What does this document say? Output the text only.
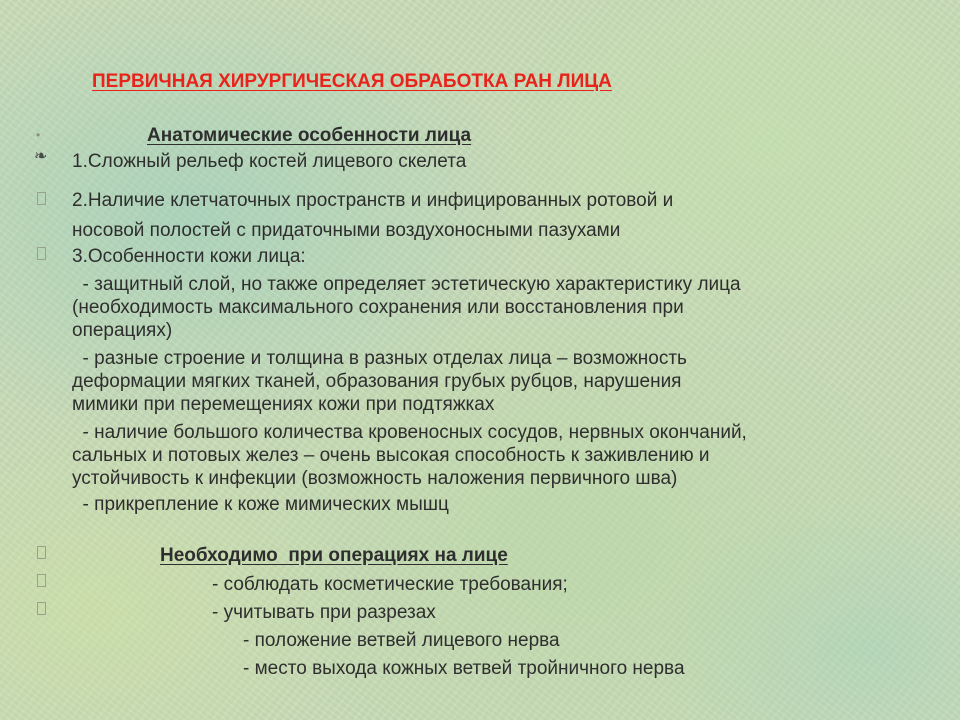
ПЕРВИЧНАЯ ХИРУРГИЧЕСКАЯ ОБРАБОТКА РАН ЛИЦА
•	Анатомические особенности лица
❧ 1.Сложный рельеф костей лицевого скелета
2.Наличие клетчаточных пространств и инфицированных ротовой и
носовой полостей с придаточными воздухоносными пазухами
3.Особенности кожи лица:
- защитный слой, но также определяет эстетическую характеристику лица
(необходимость максимального сохранения или восстановления при
операциях)
- разные строение и толщина в разных отделах лица – возможность
деформации мягких тканей, образования грубых рубцов, нарушения
мимики при перемещениях кожи при подтяжках
- наличие большого количества кровеносных сосудов, нервных окончаний,
сальных и потовых желез – очень высокая способность к заживлению и
устойчивость к инфекции (возможность наложения первичного шва)
- прикрепление к коже мимических мышц
Необходимо  при операциях на лице
- соблюдать косметические требования;
- учитывать при разрезах
- положение ветвей лицевого нерва
- место выхода кожных ветвей тройничного нерва
